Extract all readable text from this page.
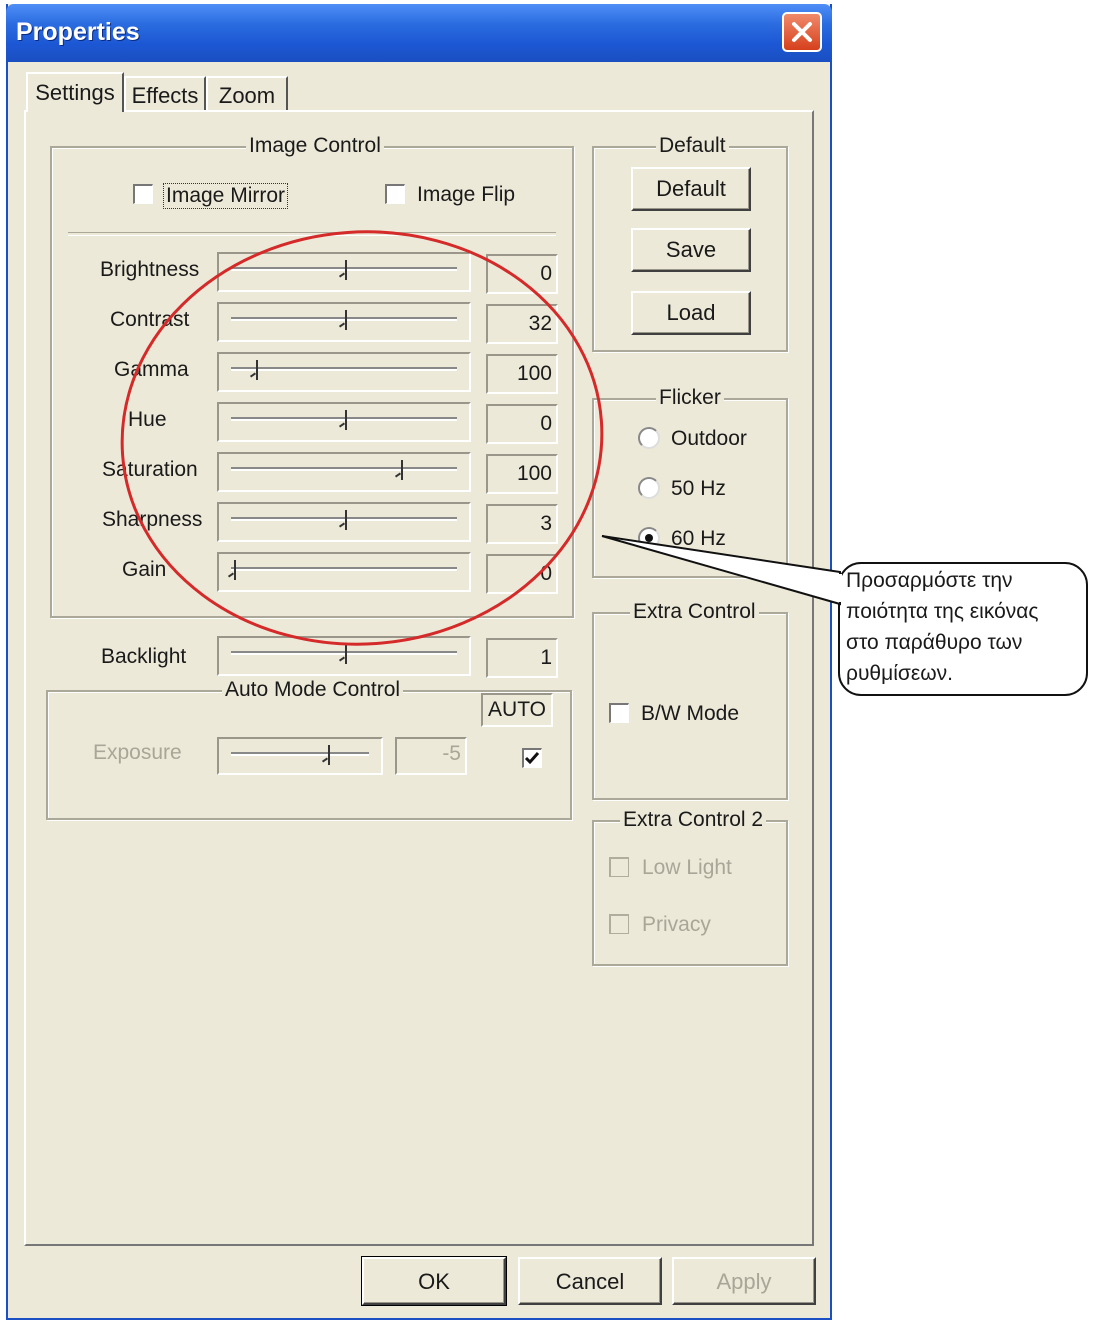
Properties
Settings Effects Zoom
Image Control
Image Mirror	Image Flip
Brightness	0
Contrast	32
Gamma	100
Hue	0
Saturation	100
Sharpness	3
Gain	0
Backlight	1
Auto Mode Control
AUTO
Exposure	-5
Default
Default
Save
Load
Flicker
Outdoor
50 Hz
60 Hz
Extra Control
B/W Mode
Extra Control 2
Low Light
Privacy
OK	Cancel	Apply
Προσαρμόστε την
ποιότητα της εικόνας
στο παράθυρο των
ρυθμίσεων.
